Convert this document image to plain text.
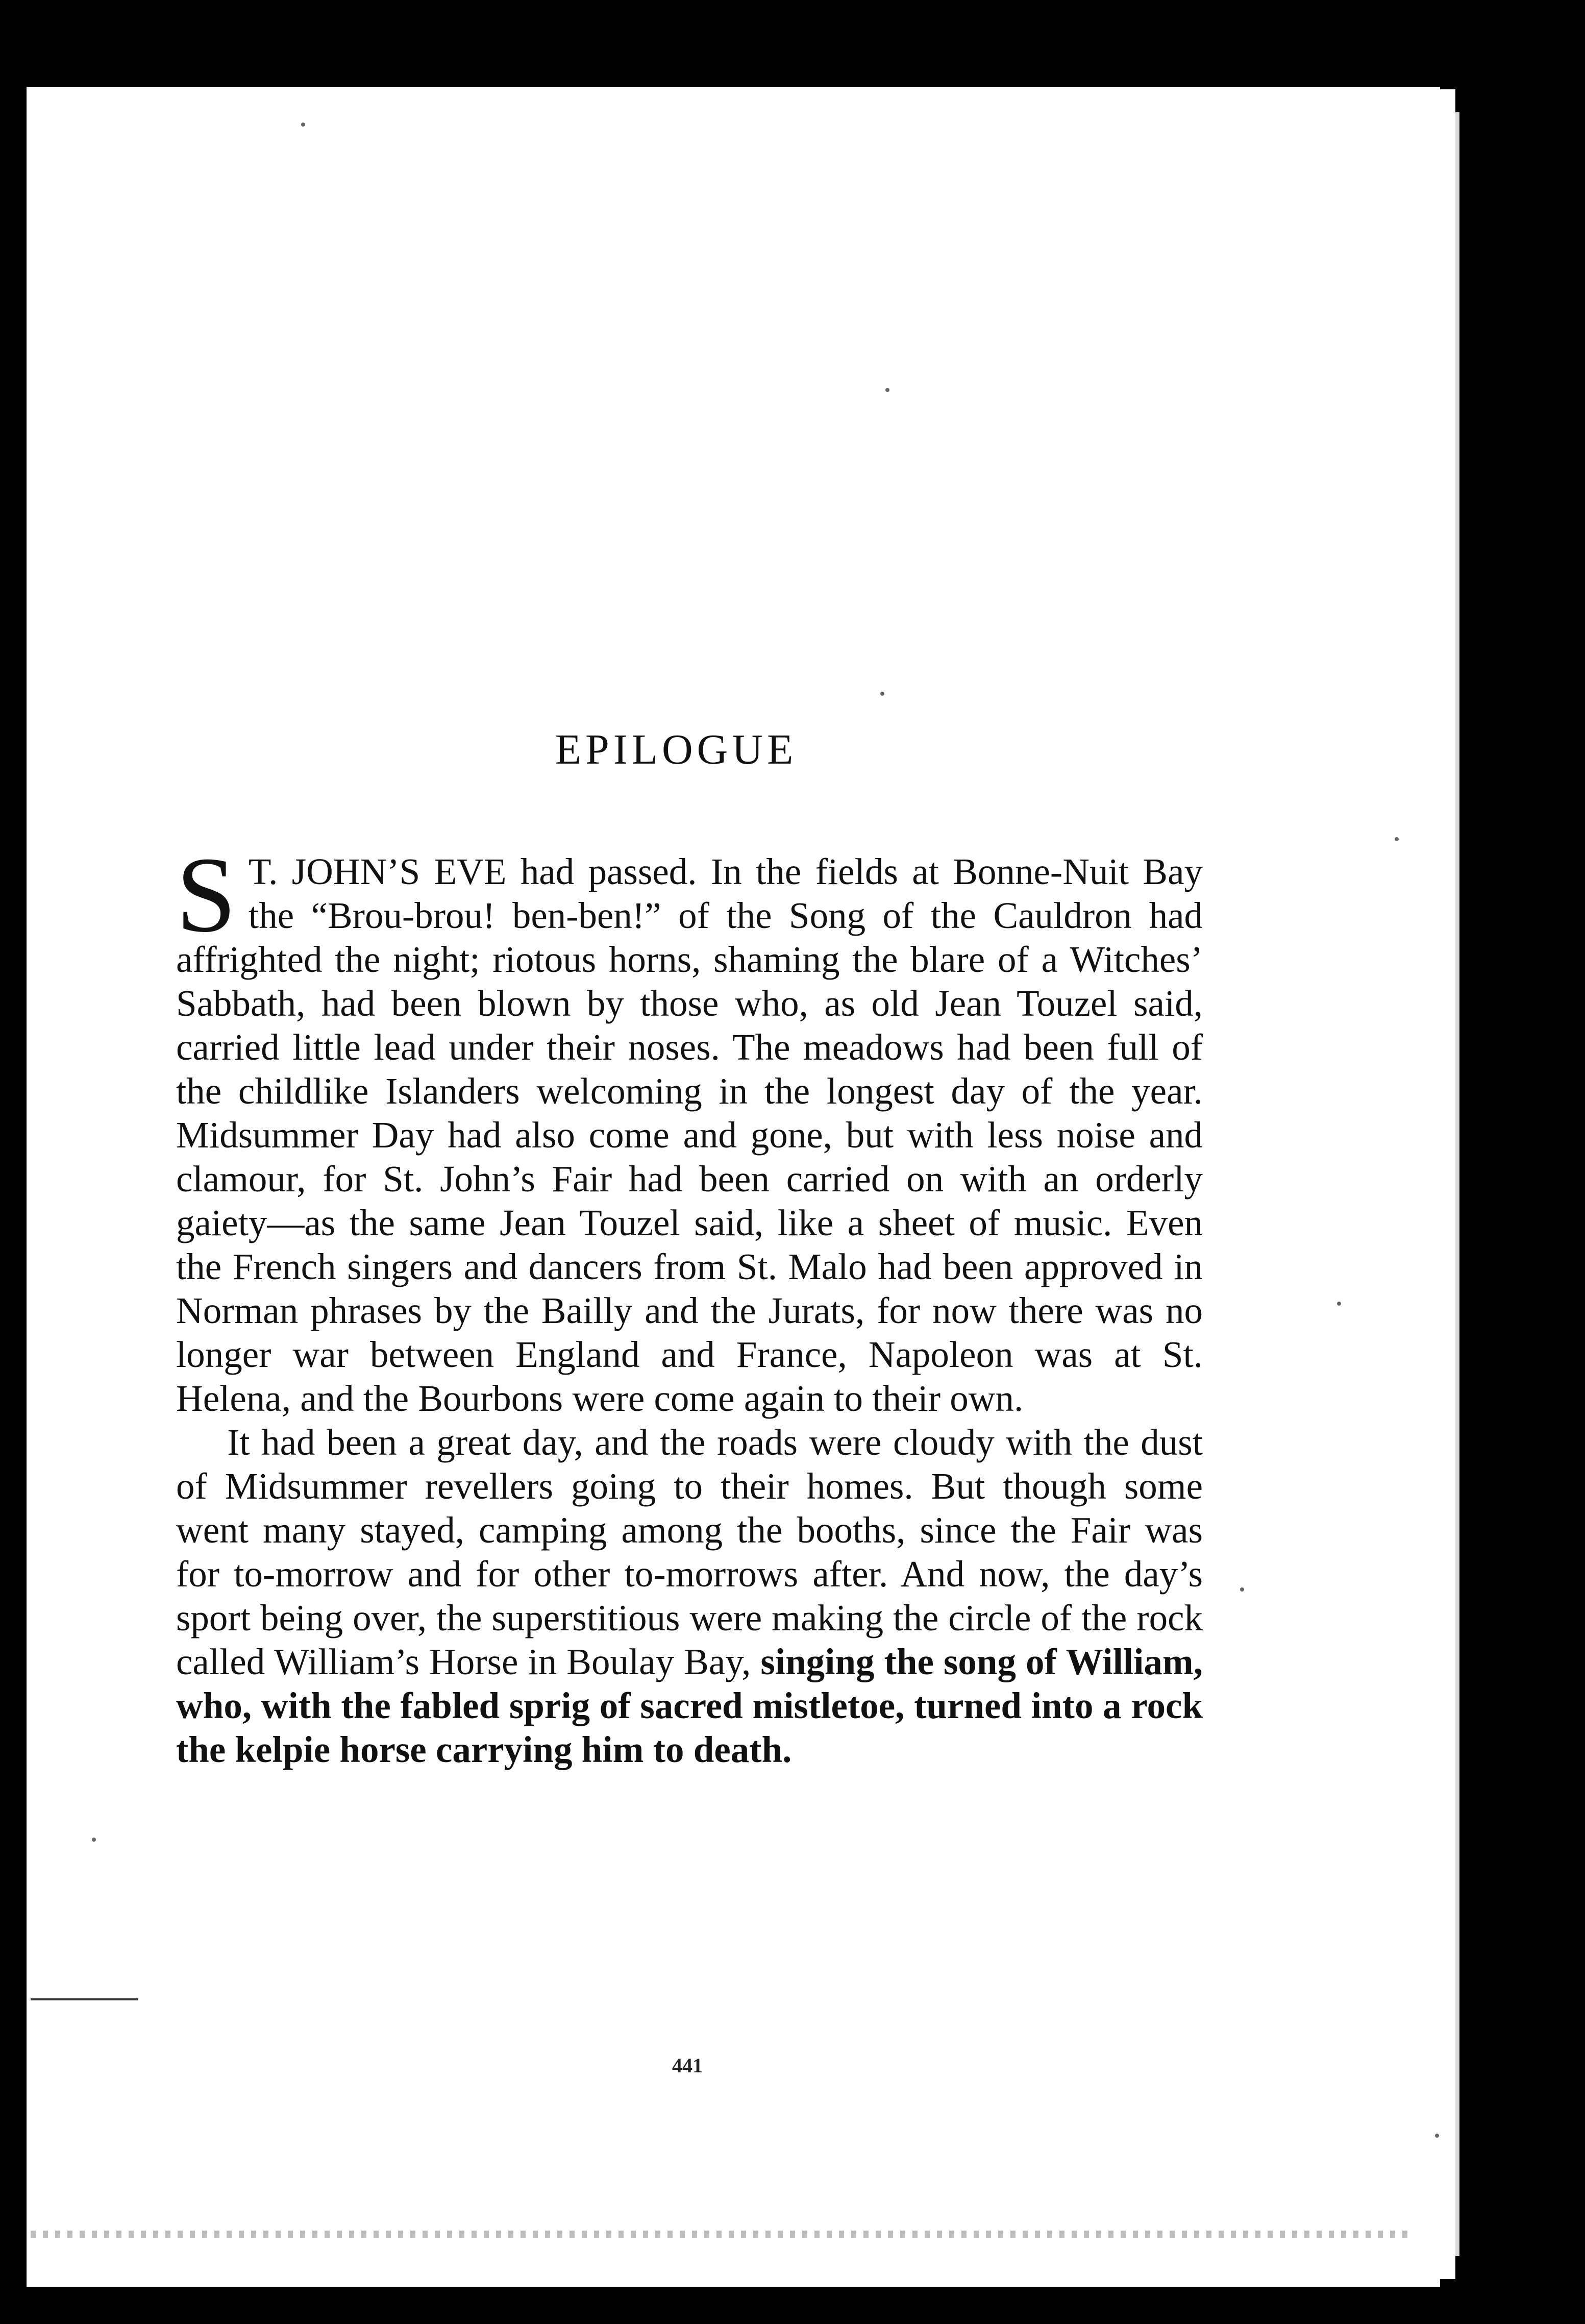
EPILOGUE

S T. JOHN’S EVE had passed. In the fields at Bonne-Nuit Bay the “Brou-brou! ben-ben!” of the Song of the Cauldron had affrighted the night; riotous horns, shaming the blare of a Witches’ Sabbath, had been blown by those who, as old Jean Touzel said, carried little lead under their noses. The meadows had been full of the childlike Islanders welcoming in the longest day of the year. Midsummer Day had also come and gone, but with less noise and clamour, for St. John’s Fair had been carried on with an orderly gaiety—as the same Jean Touzel said, like a sheet of music. Even the French singers and dancers from St. Malo had been approved in Norman phrases by the Bailly and the Jurats, for now there was no longer war between England and France, Napoleon was at St. Helena, and the Bourbons were come again to their own.

It had been a great day, and the roads were cloudy with the dust of Midsummer revellers going to their homes. But though some went many stayed, camping among the booths, since the Fair was for to-morrow and for other to-morrows after. And now, the day’s sport being over, the superstitious were making the circle of the rock called William’s Horse in Boulay Bay, singing the song of William, who, with the fabled sprig of sacred mistletoe, turned into a rock the kelpie horse carrying him to death.

441
